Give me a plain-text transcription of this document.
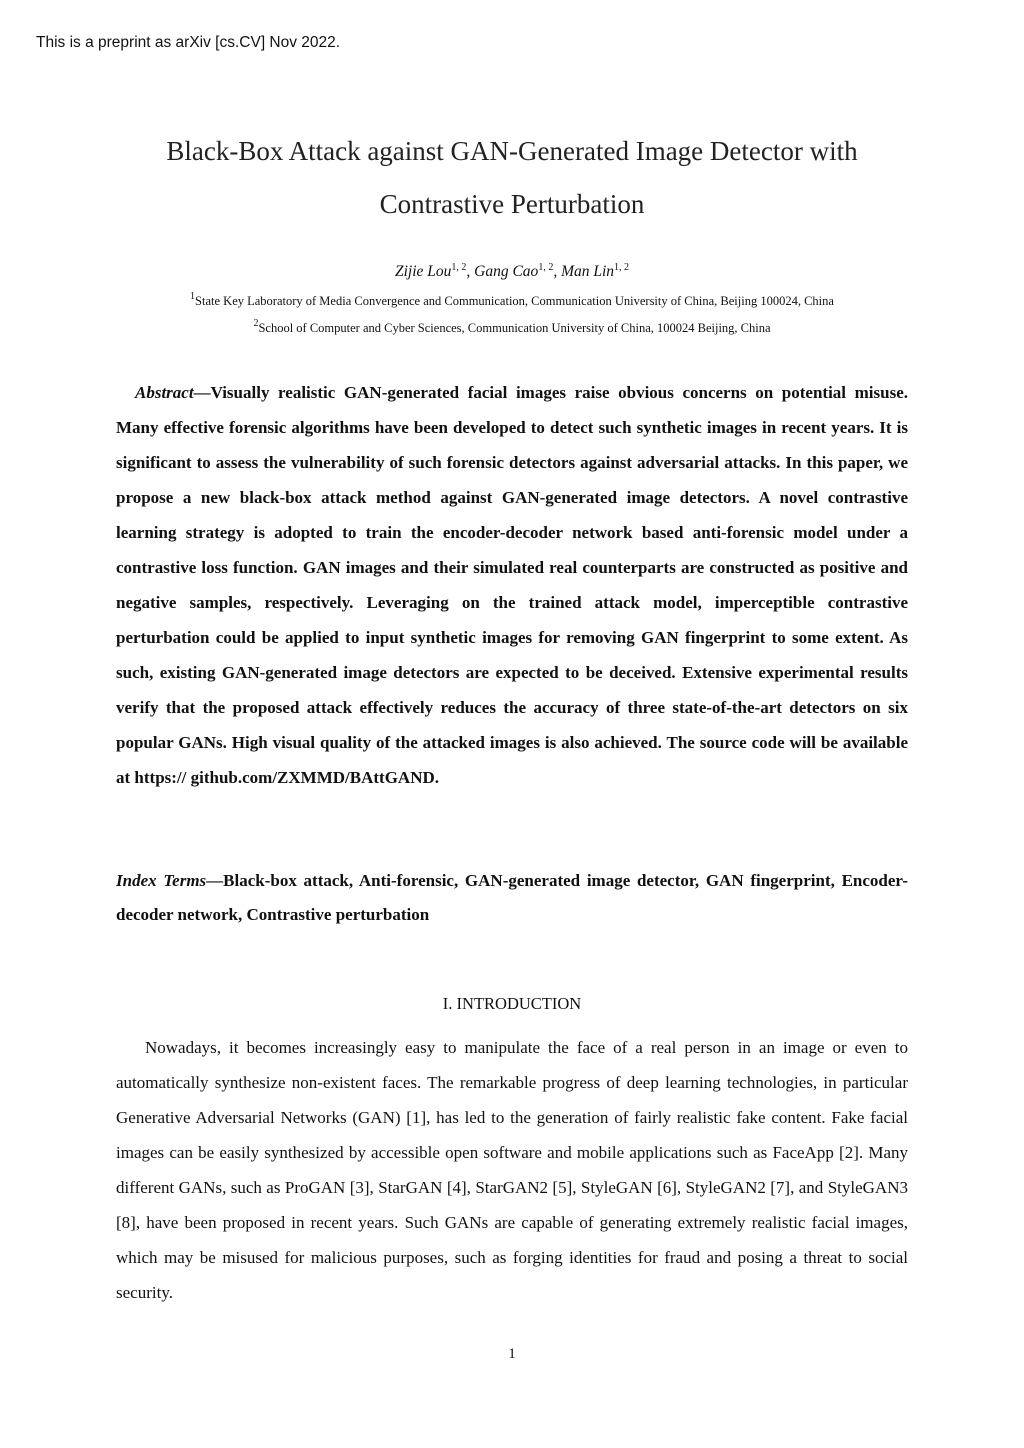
This is a preprint as arXiv [cs.CV] Nov 2022.
Black-Box Attack against GAN-Generated Image Detector with
Contrastive Perturbation
Zijie Lou$^{1, 2}$, Gang Cao$^{1, 2}$, Man Lin$^{1, 2}$
$^1$State Key Laboratory of Media Convergence and Communication, Communication University of China, Beijing 100024, China
$^2$School of Computer and Cyber Sciences, Communication University of China, 100024 Beijing, China

Abstract—Visually realistic GAN-generated facial images raise obvious concerns on potential misuse. Many effective forensic algorithms have been developed to detect such synthetic images in recent years. It is significant to assess the vulnerability of such forensic detectors against adversarial attacks. In this paper, we propose a new black-box attack method against GAN-generated image detectors. A novel contrastive learning strategy is adopted to train the encoder-decoder network based anti-forensic model under a contrastive loss function. GAN images and their simulated real counterparts are constructed as positive and negative samples, respectively. Leveraging on the trained attack model, imperceptible contrastive perturbation could be applied to input synthetic images for removing GAN fingerprint to some extent. As such, existing GAN-generated image detectors are expected to be deceived. Extensive experimental results verify that the proposed attack effectively reduces the accuracy of three state-of-the-art detectors on six popular GANs. High visual quality of the attacked images is also achieved. The source code will be available at https:// github.com/ZXMMD/BAttGAND.

Index Terms—Black-box attack, Anti-forensic, GAN-generated image detector, GAN fingerprint, Encoder-decoder network, Contrastive perturbation

I. INTRODUCTION

Nowadays, it becomes increasingly easy to manipulate the face of a real person in an image or even to automatically synthesize non-existent faces. The remarkable progress of deep learning technologies, in particular Generative Adversarial Networks (GAN) [1], has led to the generation of fairly realistic fake content. Fake facial images can be easily synthesized by accessible open software and mobile applications such as FaceApp [2]. Many different GANs, such as ProGAN [3], StarGAN [4], StarGAN2 [5], StyleGAN [6], StyleGAN2 [7], and StyleGAN3 [8], have been proposed in recent years. Such GANs are capable of generating extremely realistic facial images, which may be misused for malicious purposes, such as forging identities for fraud and posing a threat to social security.

1
